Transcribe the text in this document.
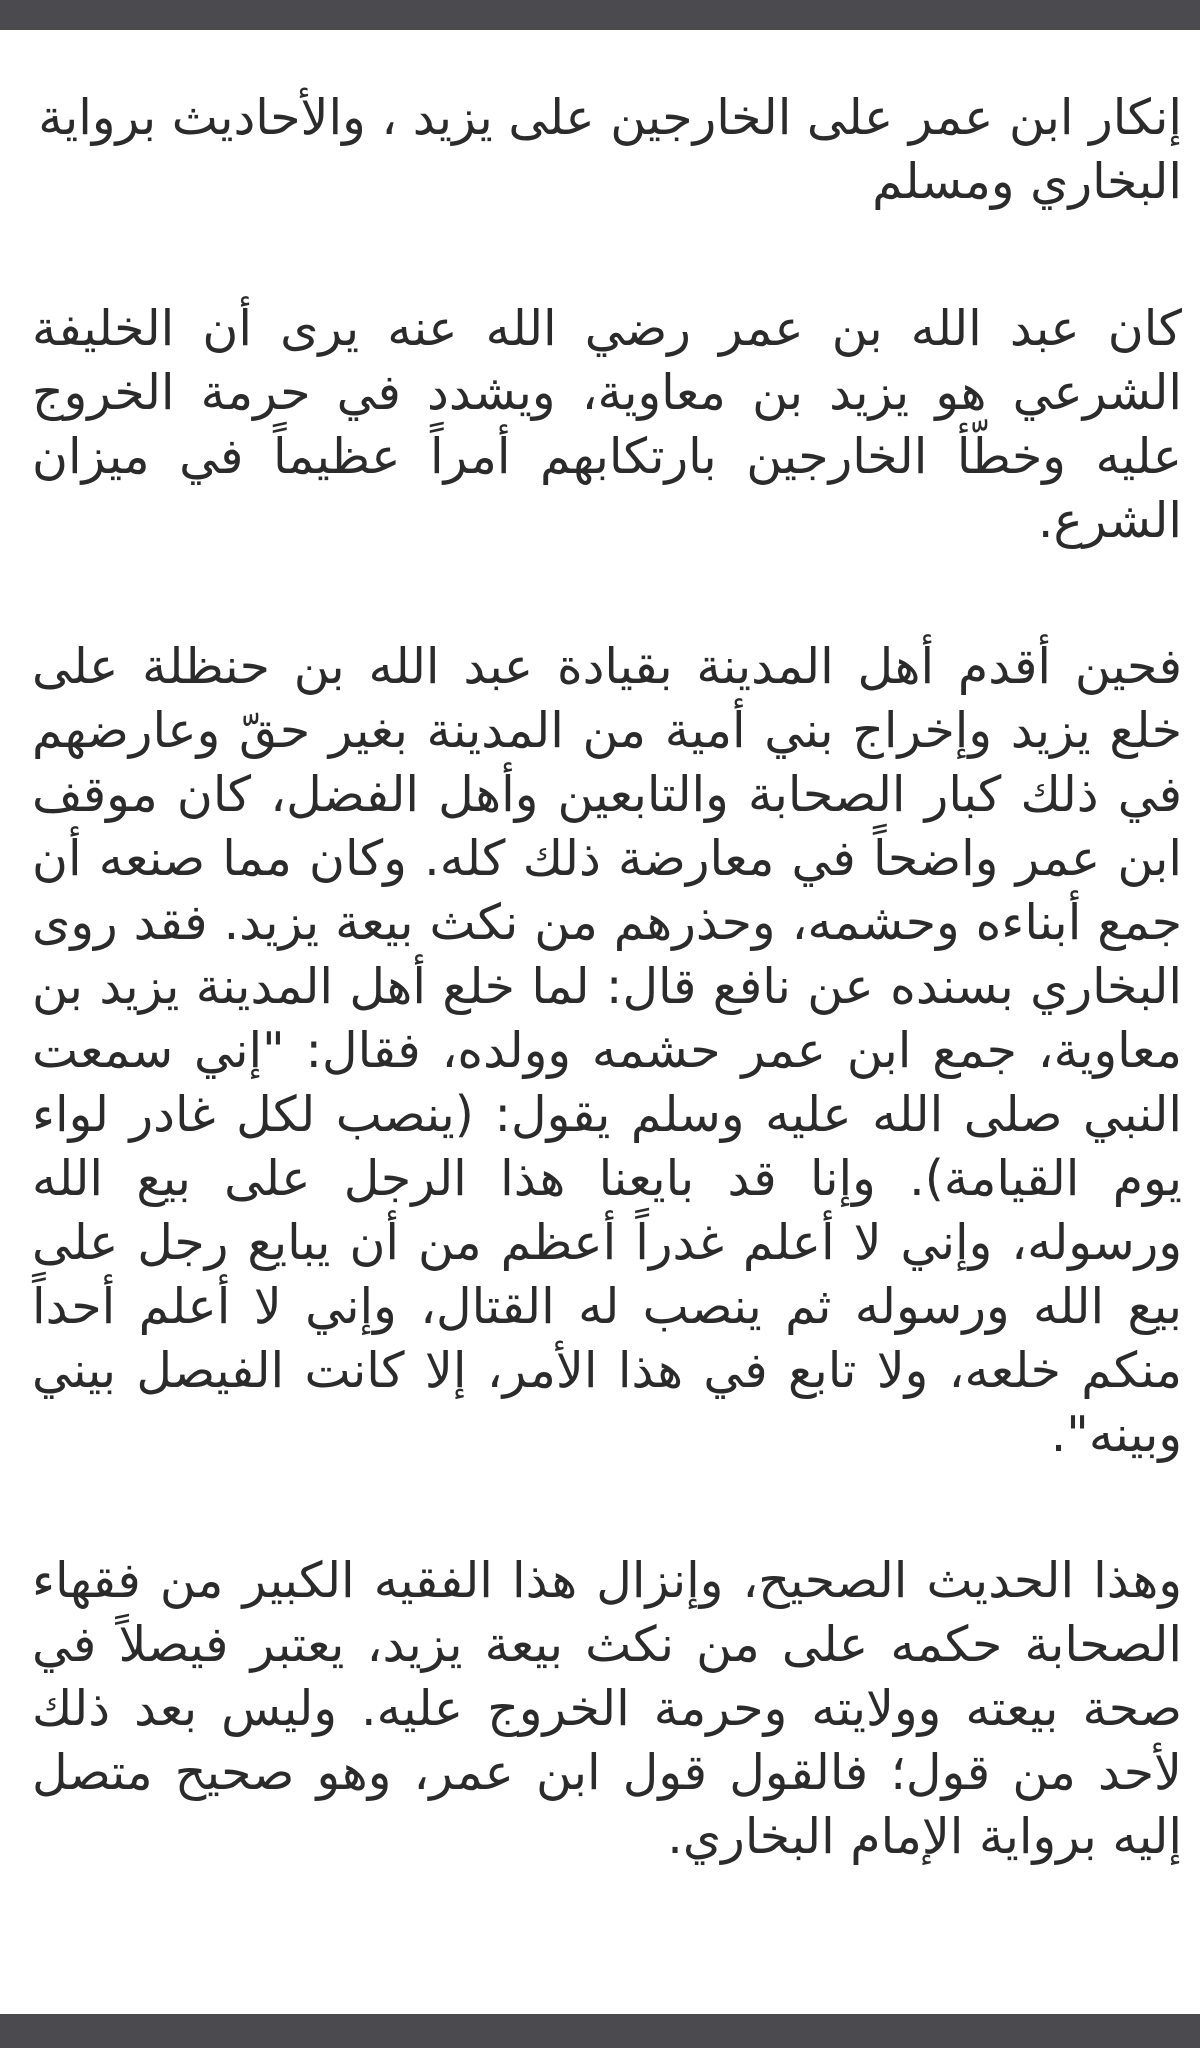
إنكار ابن عمر على الخارجين على يزيد ، والأحاديث برواية البخاري ومسلم

كان عبد الله بن عمر رضي الله عنه يرى أن الخليفة الشرعي هو يزيد بن معاوية، ويشدد في حرمة الخروج عليه وخطّأ الخارجين بارتكابهم أمراً عظيماً في ميزان الشرع.

فحين أقدم أهل المدينة بقيادة عبد الله بن حنظلة على خلع يزيد وإخراج بني أمية من المدينة بغير حقّ وعارضهم في ذلك كبار الصحابة والتابعين وأهل الفضل، كان موقف ابن عمر واضحاً في معارضة ذلك كله. وكان مما صنعه أن جمع أبناءه وحشمه، وحذرهم من نكث بيعة يزيد. فقد روى البخاري بسنده عن نافع قال: لما خلع أهل المدينة يزيد بن معاوية، جمع ابن عمر حشمه وولده، فقال: "إني سمعت النبي صلى الله عليه وسلم يقول: (ينصب لكل غادر لواء يوم القيامة). وإنا قد بايعنا هذا الرجل على بيع الله ورسوله، وإني لا أعلم غدراً أعظم من أن يبايع رجل على بيع الله ورسوله ثم ينصب له القتال، وإني لا أعلم أحداً منكم خلعه، ولا تابع في هذا الأمر، إلا كانت الفيصل بيني وبينه".

وهذا الحديث الصحيح، وإنزال هذا الفقيه الكبير من فقهاء الصحابة حكمه على من نكث بيعة يزيد، يعتبر فيصلاً في صحة بيعته وولايته وحرمة الخروج عليه. وليس بعد ذلك لأحد من قول؛ فالقول قول ابن عمر، وهو صحيح متصل إليه برواية الإمام البخاري.
